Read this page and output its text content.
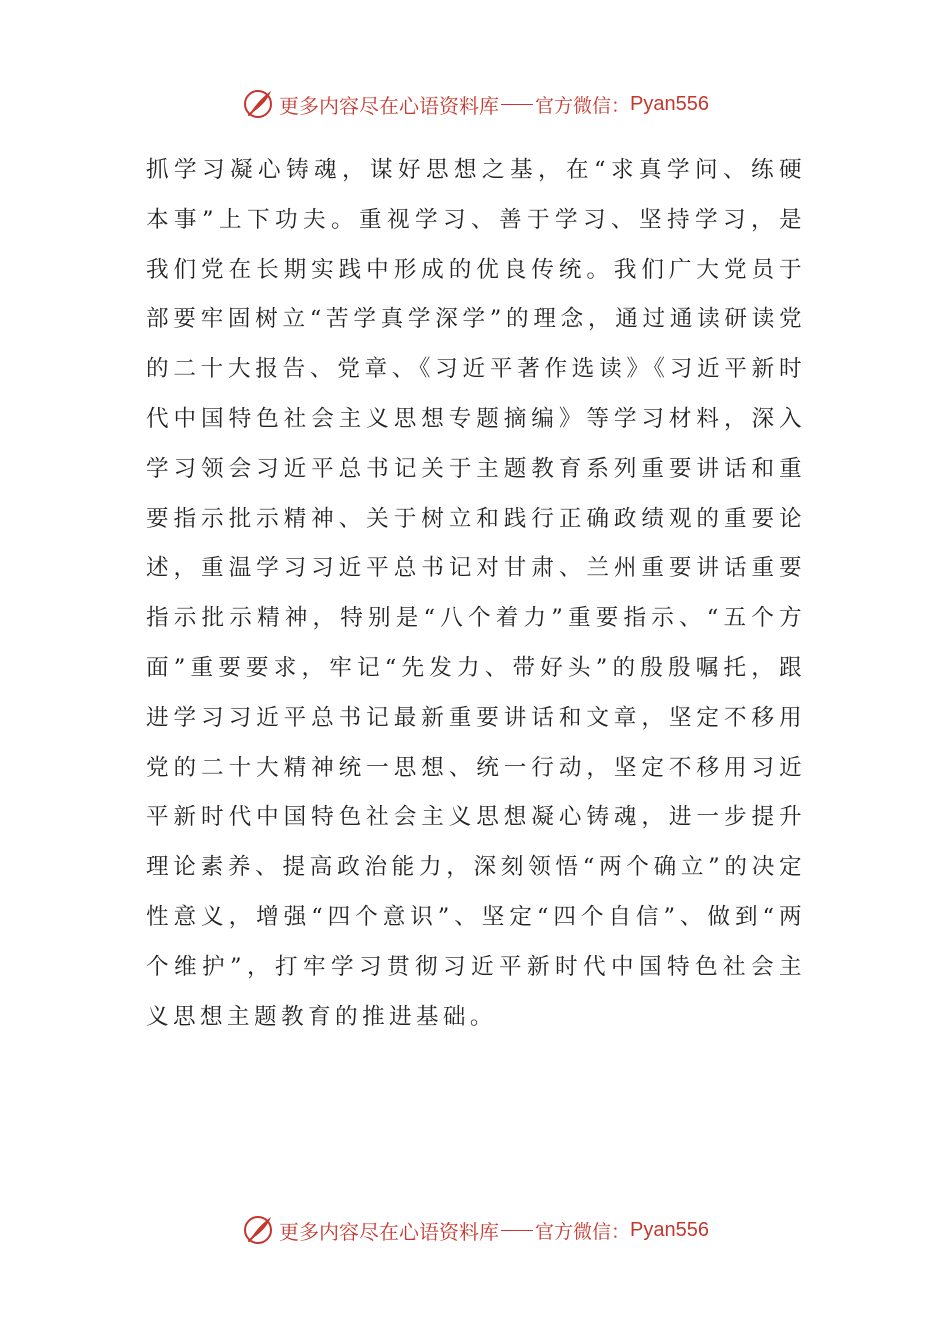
更多内容尽在心语资料库 官方微信： Pyan556

抓学习凝心铸魂，谋好思想之基，在“求真学问、练硬本事”上下功夫。重视学习、善于学习、坚持学习，是我们党在长期实践中形成的优良传统。我们广大党员于部要牢固树立“苦学真学深学”的理念，通过通读研读党的二十大报告、党章、《习近平著作选读》《习近平新时代中国特色社会主义思想专题摘编》等学习材料，深入学习领会习近平总书记关于主题教育系列重要讲话和重要指示批示精神、关于树立和践行正确政绩观的重要论述，重温学习习近平总书记对甘肃、兰州重要讲话重要指示批示精神，特别是“八个着力”重要指示、“五个方面”重要要求，牢记“先发力、带好头”的殷殷嘱托，跟进学习习近平总书记最新重要讲话和文章，坚定不移用党的二十大精神统一思想、统一行动，坚定不移用习近平新时代中国特色社会主义思想凝心铸魂，进一步提升理论素养、提高政治能力，深刻领悟“两个确立”的决定性意义，增强“四个意识”、坚定“四个自信”、做到“两个维护”，打牢学习贯彻习近平新时代中国特色社会主义思想主题教育的推进基础。

更多内容尽在心语资料库 官方微信： Pyan556
